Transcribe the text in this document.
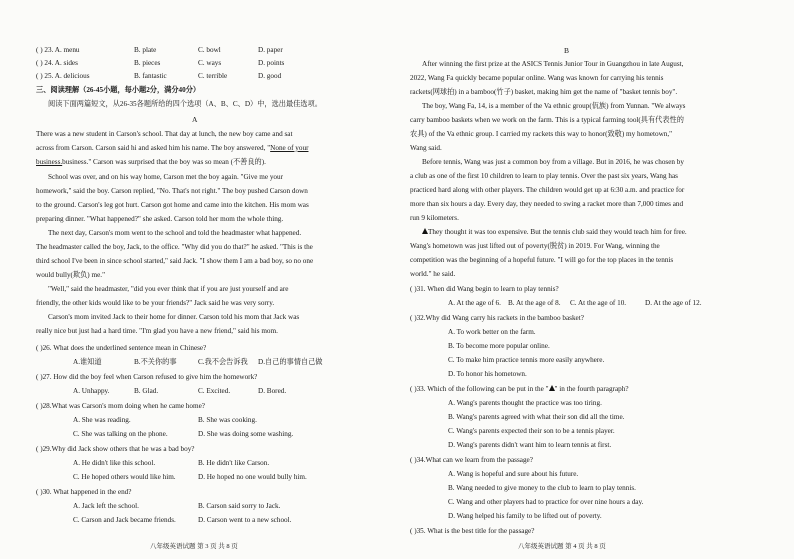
( ) 23. A. menu	B. plate	C. bowl	D. paper
( ) 24. A. sides	B. pieces	C. ways	D. points
( ) 25. A. delicious	B. fantastic	C. terrible	D. good
三、阅读理解（26-45小题，每小题2分，满分40分）
阅读下面两篇短文，从26-35各题所给的四个选项（A、B、C、D）中，选出最佳选项。
A
There was a new student in Carson's school. That day at lunch, the new boy came and sat
across from Carson. Carson said hi and asked him his name. The boy answered, "None of your
business.business." Carson was surprised that the boy was so mean (不善良的).
School was over, and on his way home, Carson met the boy again. "Give me your
homework," said the boy. Carson replied, "No. That's not right." The boy pushed Carson down
to the ground. Carson's leg got hurt. Carson got home and came into the kitchen. His mom was
preparing dinner. "What happened?" she asked. Carson told her mom the whole thing.
The next day, Carson's mom went to the school and told the headmaster what happened.
The headmaster called the boy, Jack, to the office. "Why did you do that?" he asked. "This is the
third school I've been in since school started," said Jack. "I show them I am a bad boy, so no one
would bully(欺负) me."
"Well," said the headmaster, "did you ever think that if you are just yourself and are
friendly, the other kids would like to be your friends?" Jack said he was very sorry.
Carson's mom invited Jack to their home for dinner. Carson told his mom that Jack was
really nice but just had a hard time. "I'm glad you have a new friend," said his mom.
( )26. What does the underlined sentence mean in Chinese?
A.谁知道	B.不关你的事	C.我不会告诉我 D.自己的事情自己做
( )27. How did the boy feel when Carson refused to give him the homework?
A. Unhappy.	B. Glad.	C. Excited.	D. Bored.
( )28.What was Carson's mom doing when he came home?
A. She was reading.	B. She was cooking.
C. She was talking on the phone.	D. She was doing some washing.
( )29.Why did Jack show others that he was a bad boy?
A. He didn't like this school.	B. He didn't like Carson.
C. He hoped others would like him.	D. He hoped no one would bully him.
( )30. What happened in the end?
A. Jack left the school.	B. Carson said sorry to Jack.
C. Carson and Jack became friends.	D. Carson went to a new school.
八年级英语试题 第 3 页 共 8 页
B
After winning the first prize at the ASICS Tennis Junior Tour in Guangzhou in late August,
2022, Wang Fa quickly became popular online. Wang was known for carrying his tennis
rackets(网球拍) in a bamboo(竹子) basket, making him get the name of "basket tennis boy".
The boy, Wang Fa, 14, is a member of the Va ethnic group(佤族) from Yunnan. "We always
carry bamboo baskets when we work on the farm. This is a typical farming tool(具有代表性的
农具) of the Va ethnic group. I carried my rackets this way to honor(致敬) my hometown,"
Wang said.
Before tennis, Wang was just a common boy from a village. But in 2016, he was chosen by
a club as one of the first 10 children to learn to play tennis. Over the past six years, Wang has
practiced hard along with other players. The children would get up at 6:30 a.m. and practice for
more than six hours a day. Every day, they needed to swing a racket more than 7,000 times and
run 9 kilometers.
They thought it was too expensive. But the tennis club said they would teach him for free.
Wang's hometown was just lifted out of poverty(脱贫) in 2019. For Wang, winning the
competition was the beginning of a hopeful future. "I will go for the top places in the tennis
world." he said.
( )31. When did Wang begin to learn to play tennis?
A. At the age of 6. B. At the age of 8. C. At the age of 10.	D. At the age of 12.
( )32.Why did Wang carry his rackets in the bamboo basket?
A. To work better on the farm.
B. To become more popular online.
C. To make him practice tennis more easily anywhere.
D. To honor his hometown.
( )33. Which of the following can be put in the " " in the fourth paragraph?
A. Wang's parents thought the practice was too tiring.
B. Wang's parents agreed with what their son did all the time.
C. Wang's parents expected their son to be a tennis player.
D. Wang's parents didn't want him to learn tennis at first.
( )34.What can we learn from the passage?
A. Wang is hopeful and sure about his future.
B. Wang needed to give money to the club to learn to play tennis.
C. Wang and other players had to practice for over nine hours a day.
D. Wang helped his family to be lifted out of poverty.
( )35. What is the best title for the passage?
八年级英语试题 第 4 页 共 8 页
